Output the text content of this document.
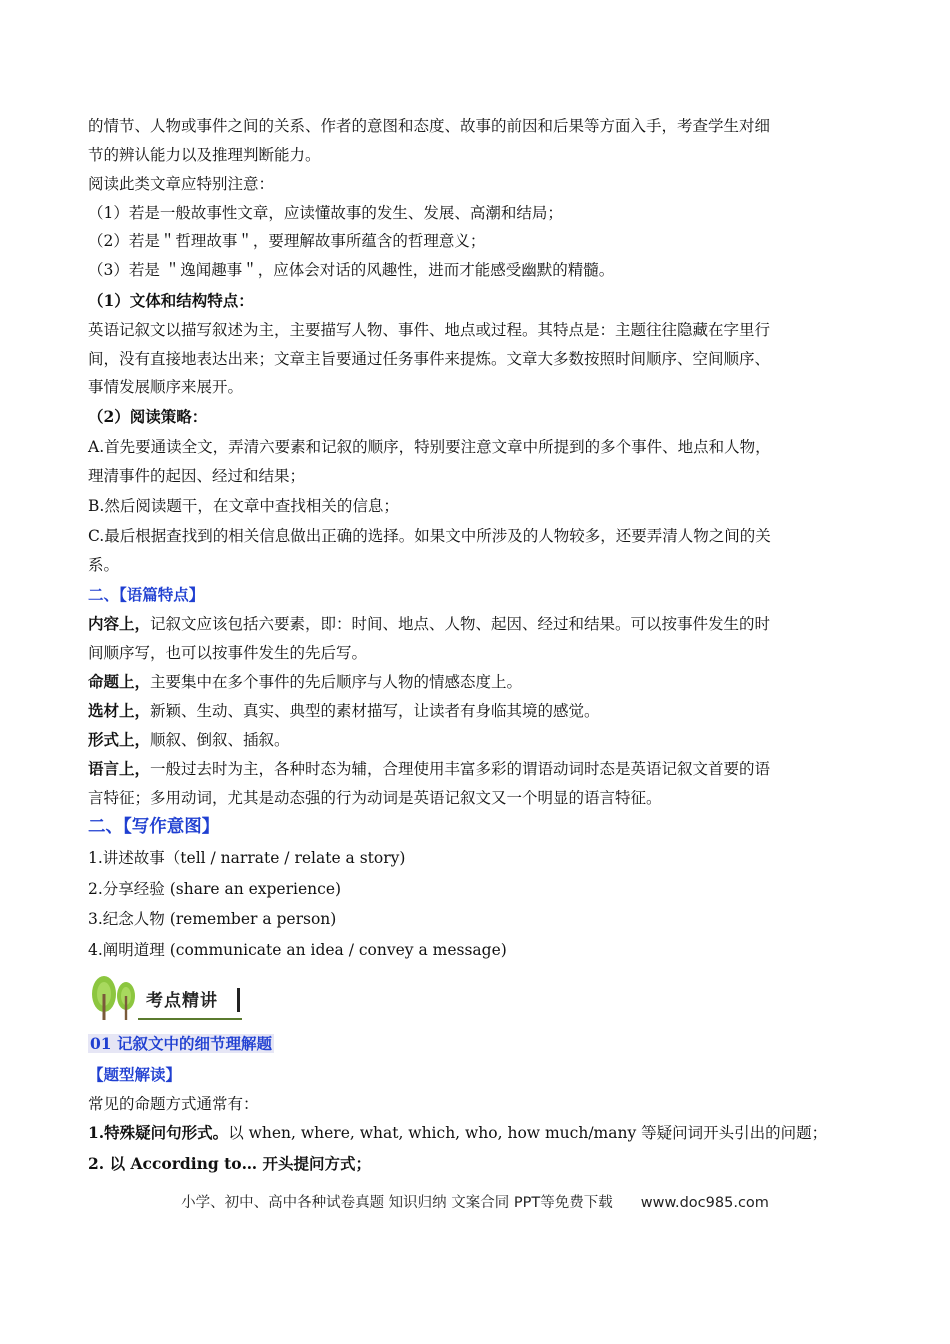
的情节、人物或事件之间的关系、作者的意图和态度、故事的前因和后果等方面入手，考查学生对细
节的辨认能力以及推理判断能力。
阅读此类文章应特别注意：
（1）若是一般故事性文章，应读懂故事的发生、发展、高潮和结局；
（2）若是＂哲理故事＂，要理解故事所蕴含的哲理意义；
（3）若是 ＂逸闻趣事＂，应体会对话的风趣性，进而才能感受幽默的精髓。
（1）文体和结构特点：
英语记叙文以描写叙述为主，主要描写人物、事件、地点或过程。其特点是：主题往往隐藏在字里行
间，没有直接地表达出来；文章主旨要通过任务事件来提炼。文章大多数按照时间顺序、空间顺序、
事情发展顺序来展开。
（2）阅读策略：
A.首先要通读全文，弄清六要素和记叙的顺序，特别要注意文章中所提到的多个事件、地点和人物，
理清事件的起因、经过和结果；
B.然后阅读题干，在文章中查找相关的信息；
C.最后根据查找到的相关信息做出正确的选择。如果文中所涉及的人物较多，还要弄清人物之间的关
系。
二、【语篇特点】
内容上，记叙文应该包括六要素，即：时间、地点、人物、起因、经过和结果。可以按事件发生的时
间顺序写，也可以按事件发生的先后写。
命题上，主要集中在多个事件的先后顺序与人物的情感态度上。
选材上，新颖、生动、真实、典型的素材描写，让读者有身临其境的感觉。
形式上，顺叙、倒叙、插叙。
语言上，一般过去时为主，各种时态为辅，合理使用丰富多彩的谓语动词时态是英语记叙文首要的语
言特征；多用动词，尤其是动态强的行为动词是英语记叙文又一个明显的语言特征。
二、【写作意图】
1.讲述故事（tell / narrate / relate a story)
2.分享经验 (share an experience)
3.纪念人物 (remember a person)
4.阐明道理 (communicate an idea / convey a message)
考点精讲
01 记叙文中的细节理解题
【题型解读】
常见的命题方式通常有：
1.特殊疑问句形式。以 when, where, what, which, who, how much/many 等疑问词开头引出的问题；
2. 以 According to… 开头提问方式；
小学、初中、高中各种试卷真题 知识归纳 文案合同 PPT等免费下载 www.doc985.com
